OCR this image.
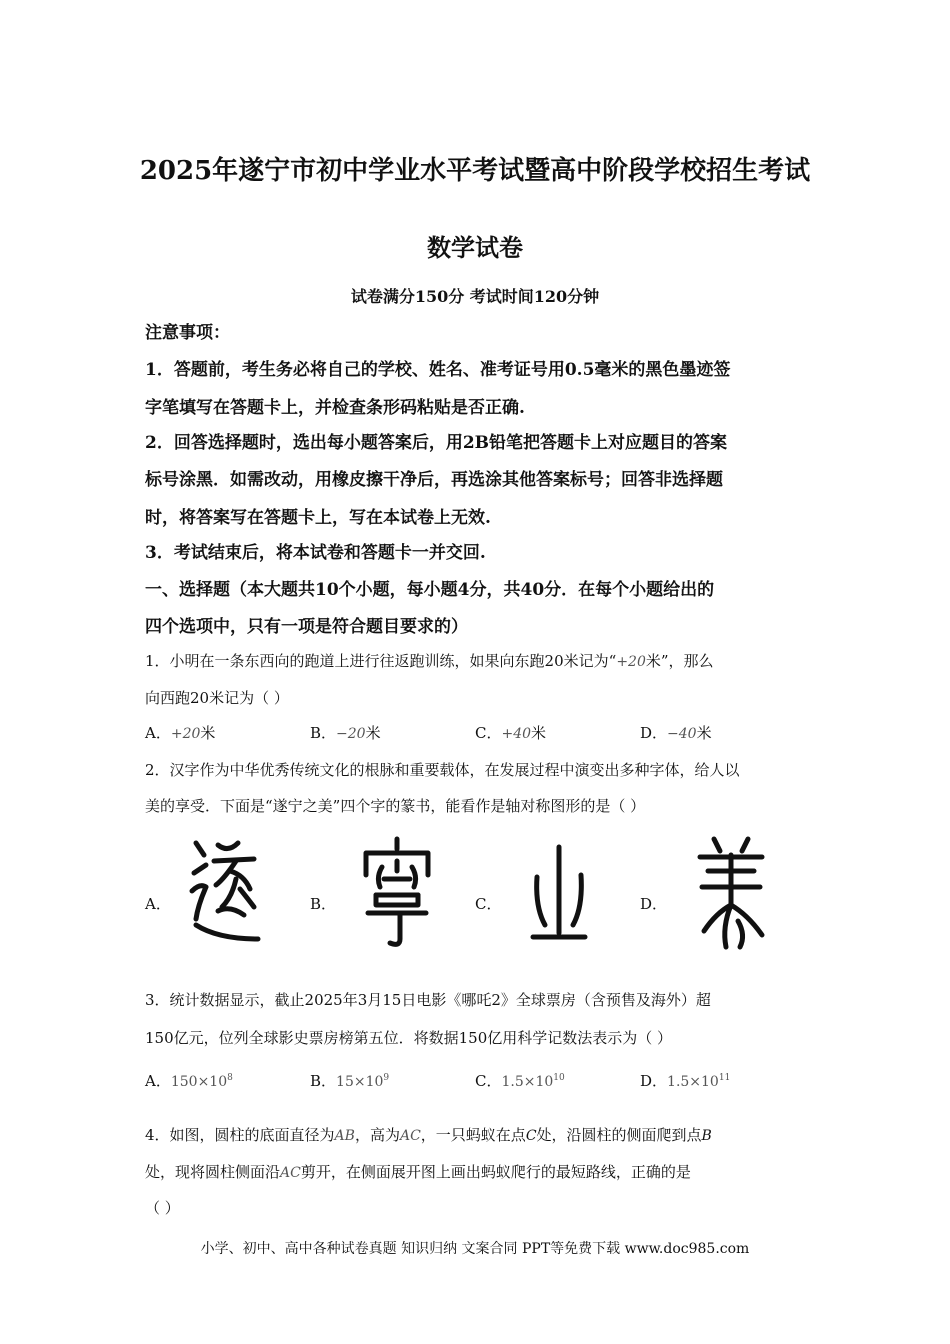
2025年遂宁市初中学业水平考试暨高中阶段学校招生考试
数学试卷
试卷满分150分 考试时间120分钟
注意事项：
1．答题前，考生务必将自己的学校、姓名、准考证号用0.5毫米的黑色墨迹签
字笔填写在答题卡上，并检查条形码粘贴是否正确.
2．回答选择题时，选出每小题答案后，用2B铅笔把答题卡上对应题目的答案
标号涂黑．如需改动，用橡皮擦干净后，再选涂其他答案标号；回答非选择题
时，将答案写在答题卡上，写在本试卷上无效.
3．考试结束后，将本试卷和答题卡一并交回.
一、选择题（本大题共10个小题，每小题4分，共40分．在每个小题给出的
四个选项中，只有一项是符合题目要求的）
1．小明在一条东西向的跑道上进行往返跑训练，如果向东跑20米记为“+20米”，那么
向西跑20米记为（ ）
A．+20米	B．−20米	C．+40米	D．−40米
2．汉字作为中华优秀传统文化的根脉和重要载体，在发展过程中演变出多种字体，给人以
美的享受．下面是“遂宁之美”四个字的篆书，能看作是轴对称图形的是（ ）
A．	B．	C．	D．
3．统计数据显示，截止2025年3月15日电影《哪吒2》全球票房（含预售及海外）超
150亿元，位列全球影史票房榜第五位．将数据150亿用科学记数法表示为（ ）
A．$150\times 10^8$	B．$15\times 10^9$	C．$1.5\times 10^{10}$	D．$1.5\times 10^{11}$
4．如图，圆柱的底面直径为AB，高为AC，一只蚂蚁在点C处，沿圆柱的侧面爬到点B
处，现将圆柱侧面沿AC剪开，在侧面展开图上画出蚂蚁爬行的最短路线，正确的是
（ ）
小学、初中、高中各种试卷真题 知识归纳 文案合同 PPT等免费下载 www.doc985.com
